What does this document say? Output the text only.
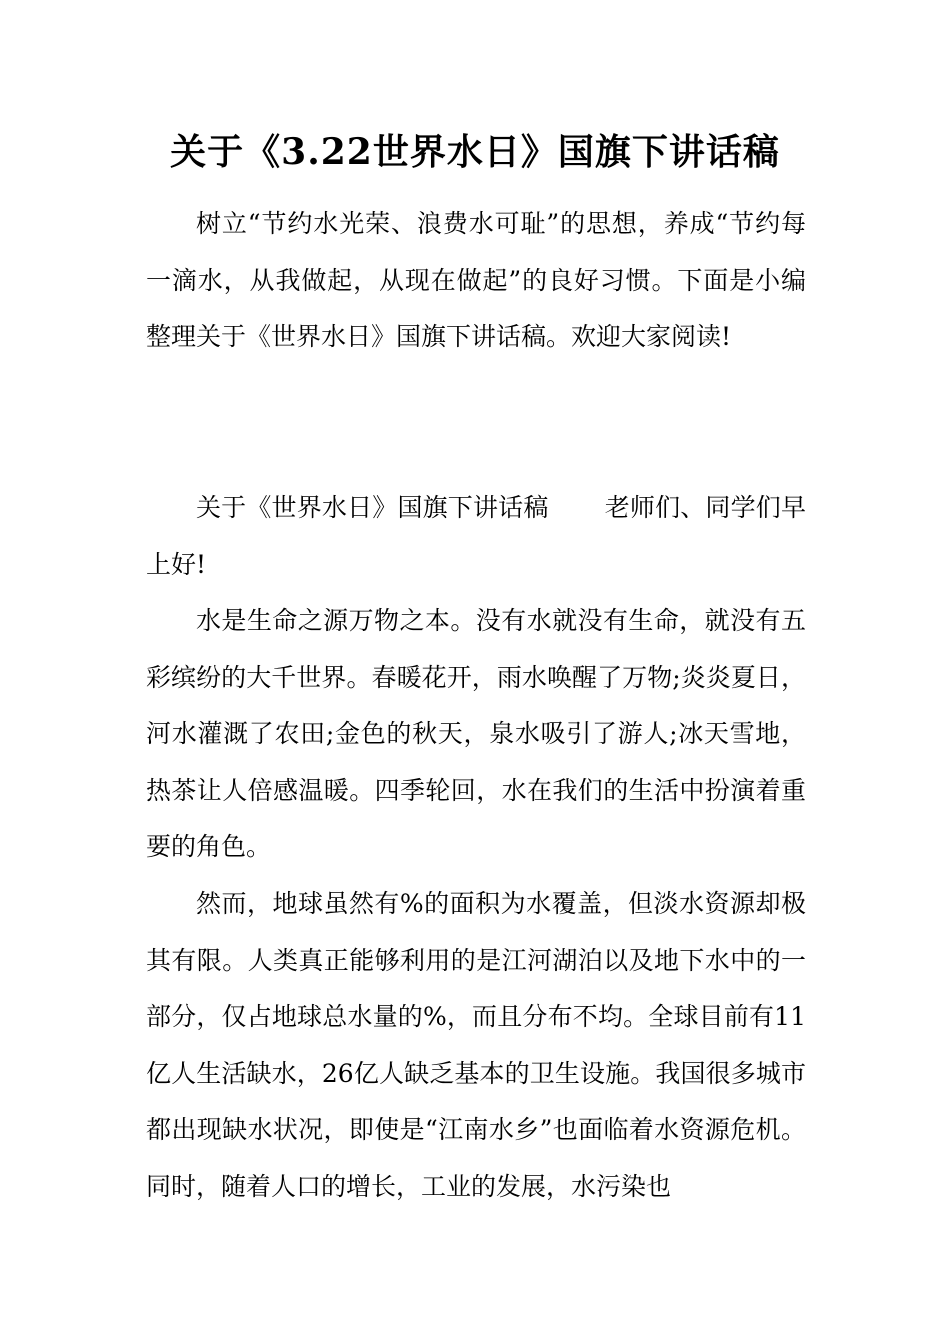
关于《3.22世界水日》国旗下讲话稿

树立“节约水光荣、浪费水可耻”的思想，养成“节约每一滴水，从我做起，从现在做起”的良好习惯。下面是小编整理关于《世界水日》国旗下讲话稿。欢迎大家阅读!

关于《世界水日》国旗下讲话稿 老师们、同学们早上好!

水是生命之源万物之本。没有水就没有生命，就没有五彩缤纷的大千世界。春暖花开，雨水唤醒了万物;炎炎夏日，河水灌溉了农田;金色的秋天，泉水吸引了游人;冰天雪地，热茶让人倍感温暖。四季轮回，水在我们的生活中扮演着重要的角色。

然而，地球虽然有%的面积为水覆盖，但淡水资源却极其有限。人类真正能够利用的是江河湖泊以及地下水中的一部分，仅占地球总水量的%，而且分布不均。全球目前有11亿人生活缺水，26亿人缺乏基本的卫生设施。我国很多城市都出现缺水状况，即使是“江南水乡”也面临着水资源危机。同时，随着人口的增长，工业的发展，水污染也
